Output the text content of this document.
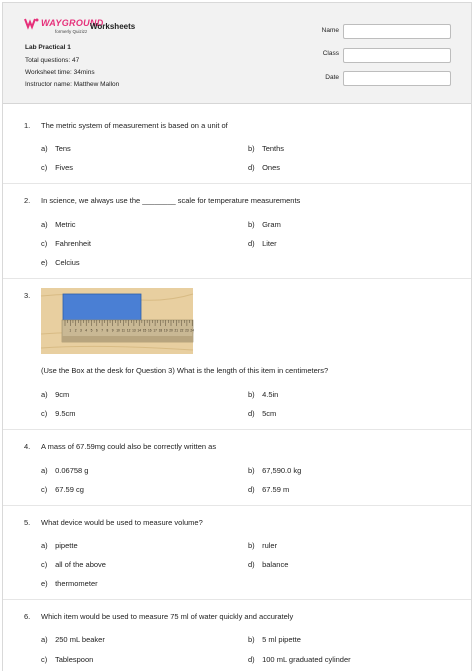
WAYGROUND
formerly Quizizz
Worksheets
Lab Practical 1
Total questions: 47
Worksheet time: 34mins
Instructor name: Matthew Mallon
Name
Class
Date
1. The metric system of measurement is based on a unit of
a) Tens	b) Tenths
c) Fives	d) Ones
2. In science, we always use the ________ scale for temperature measurements
a) Metric	b) Gram
c) Fahrenheit	d) Liter
e) Celcius
3.
1 2 3 4 5 6 7 8 9 10 11 12 13 14 15 16 17 18 19 20 21 22 23 24
(Use the Box at the desk for Question 3) What is the length of this item in centimeters?
a) 9cm	b) 4.5in
c) 9.5cm	d) 5cm
4. A mass of 67.59mg could also be correctly written as
a) 0.06758 g	b) 67,590.0 kg
c) 67.59 cg	d) 67.59 m
5. What device would be used to measure volume?
a) pipette	b) ruler
c) all of the above	d) balance
e) thermometer
6. Which item would be used to measure 75 ml of water quickly and accurately
a) 250 mL beaker	b) 5 ml pipette
c) Tablespoon	d) 100 mL graduated cylinder
